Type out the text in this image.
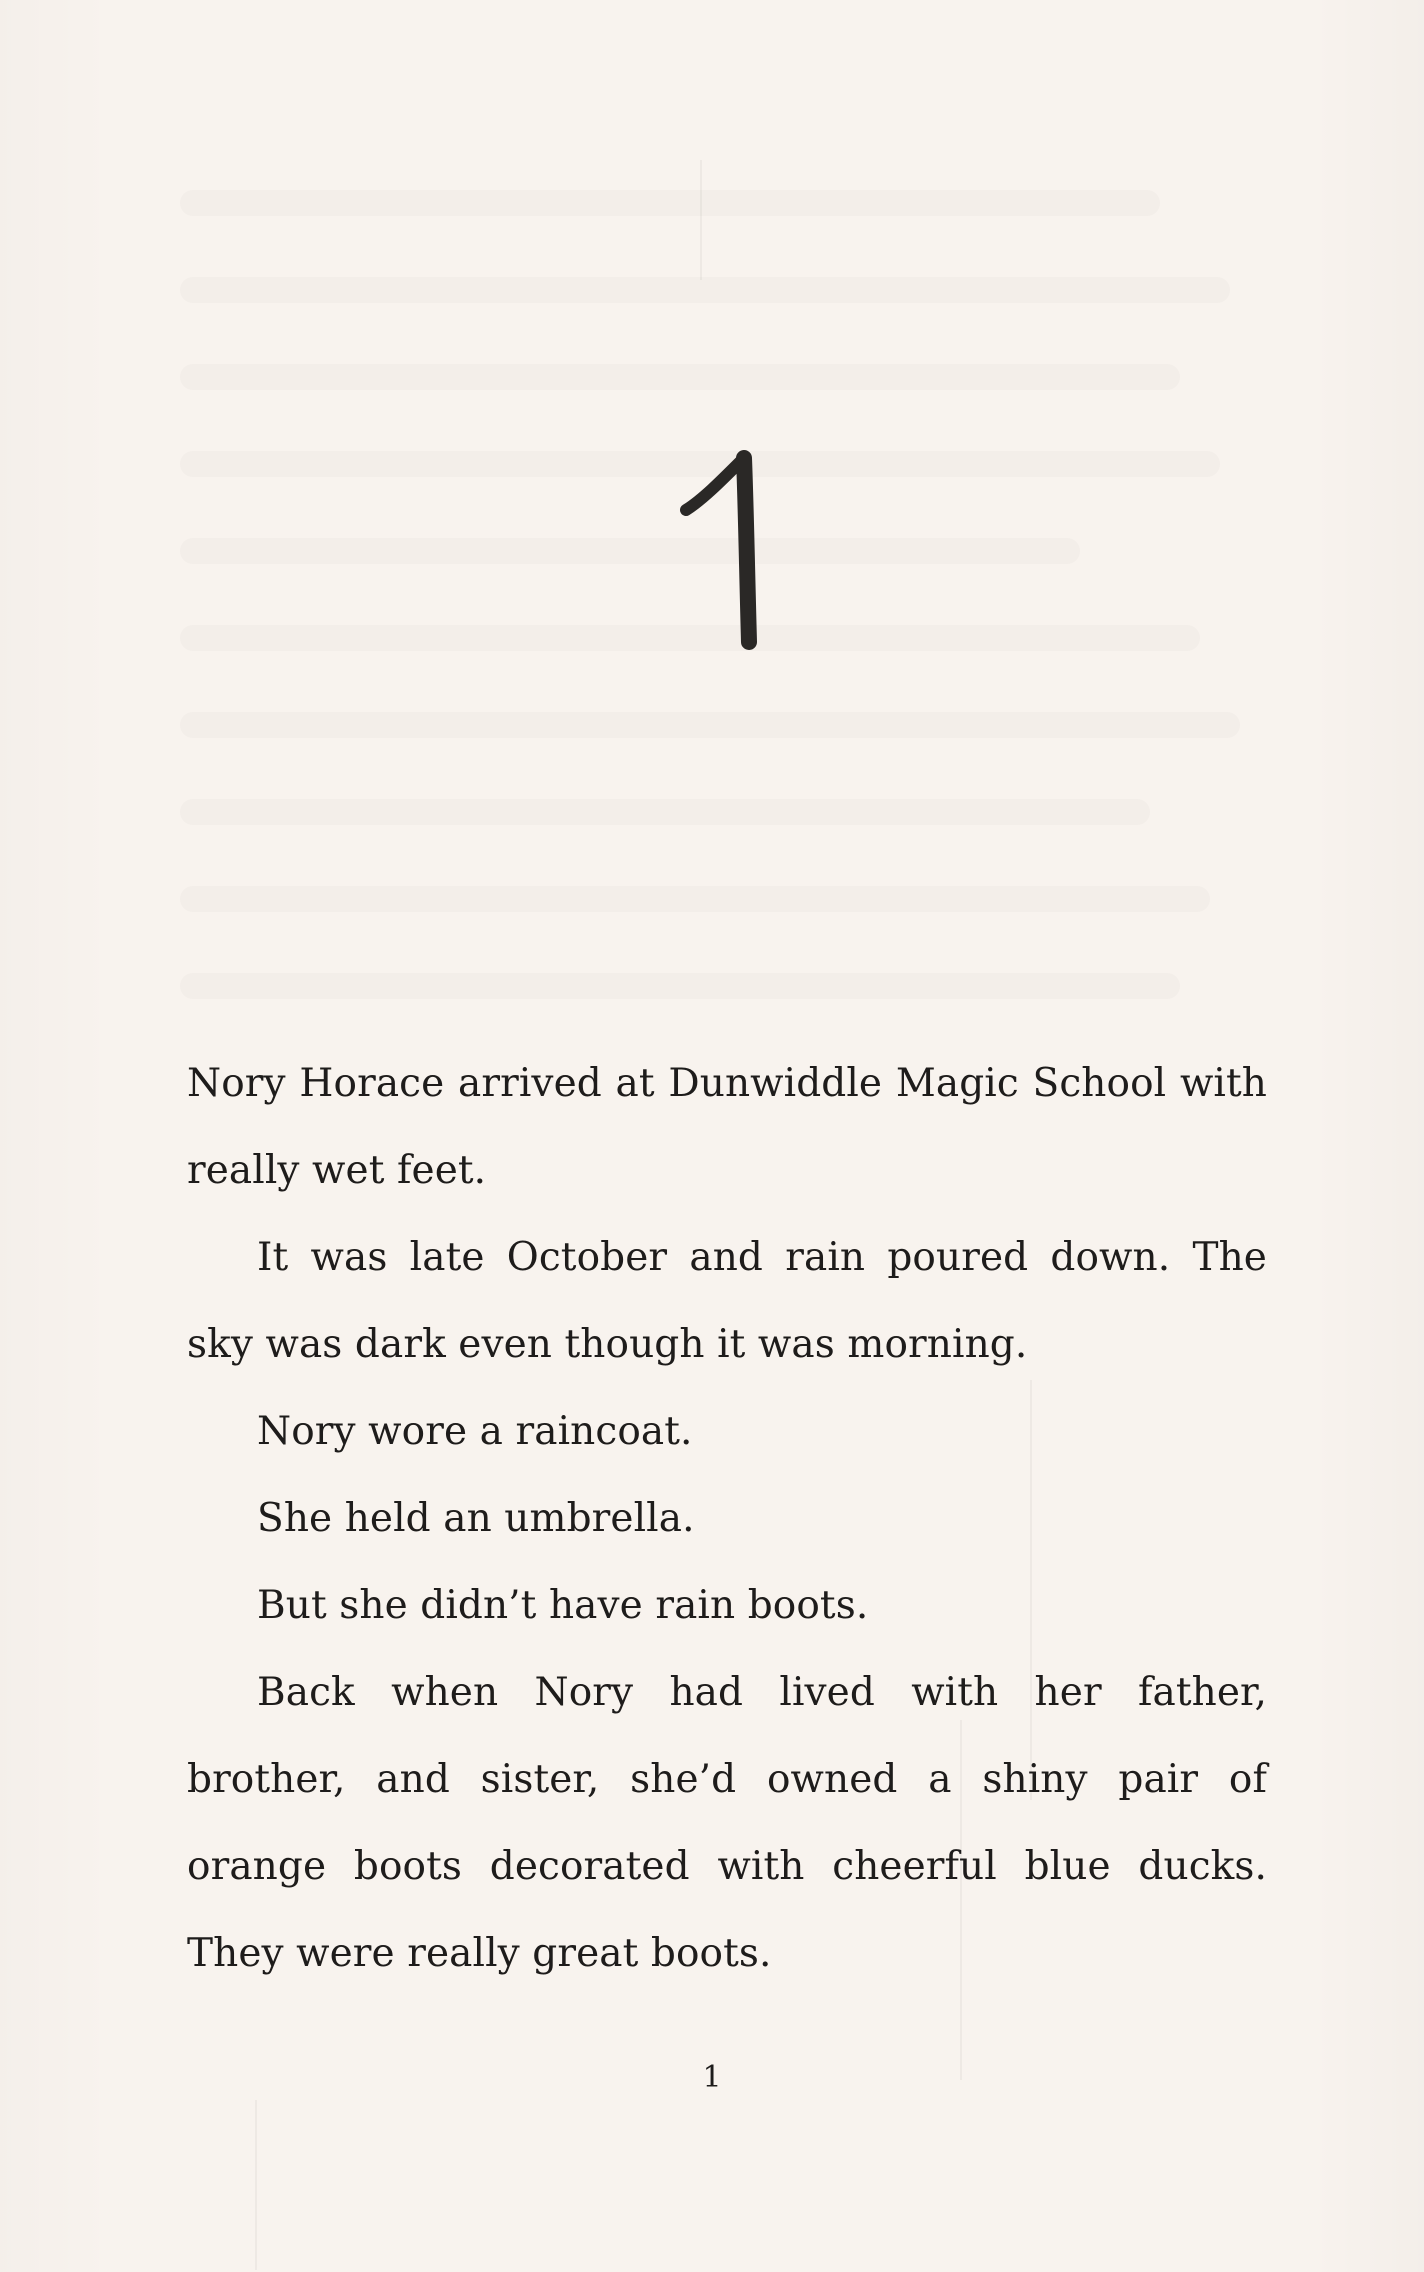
Nory Horace arrived at Dunwiddle Magic School with really wet feet.

It was late October and rain poured down. The sky was dark even though it was morning.

Nory wore a raincoat.

She held an umbrella.

But she didn’t have rain boots.

Back when Nory had lived with her father, brother, and sister, she’d owned a shiny pair of orange boots decorated with cheerful blue ducks. They were really great boots.

1
